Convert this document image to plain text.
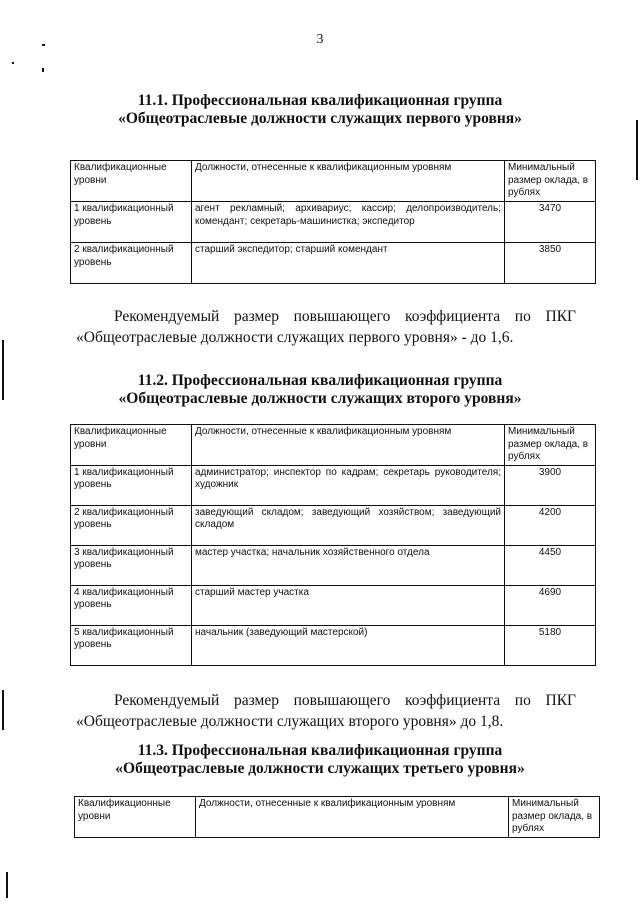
3
11.1. Профессиональная квалификационная группа
«Общеотраслевые должности служащих первого уровня»
Квалификационные уровни	Должности, отнесенные к квалификационным уровням	Минимальный размер оклада, в рублях
1 квалификационный уровень	агент рекламный; архивариус; кассир; делопроизводитель; комендант; секретарь-машинистка; экспедитор	3470
2 квалификационный уровень	старший экспедитор; старший комендант	3850
Рекомендуемый размер повышающего коэффициента по ПКГ «Общеотраслевые должности служащих первого уровня» - до 1,6.
11.2. Профессиональная квалификационная группа
«Общеотраслевые должности служащих второго уровня»
Квалификационные уровни	Должности, отнесенные к квалификационным уровням	Минимальный размер оклада, в рублях
1 квалификационный уровень	администратор; инспектор по кадрам; секретарь руководителя; художник	3900
2 квалификационный уровень	заведующий складом; заведующий хозяйством; заведующий складом	4200
3 квалификационный уровень	мастер участка; начальник хозяйственного отдела	4450
4 квалификационный уровень	старший мастер участка	4690
5 квалификационный уровень	начальник (заведующий мастерской)	5180
Рекомендуемый размер повышающего коэффициента по ПКГ «Общеотраслевые должности служащих второго уровня» до 1,8.
11.3. Профессиональная квалификационная группа
«Общеотраслевые должности служащих третьего уровня»
Квалификационные уровни	Должности, отнесенные к квалификационным уровням	Минимальный размер оклада, в рублях
